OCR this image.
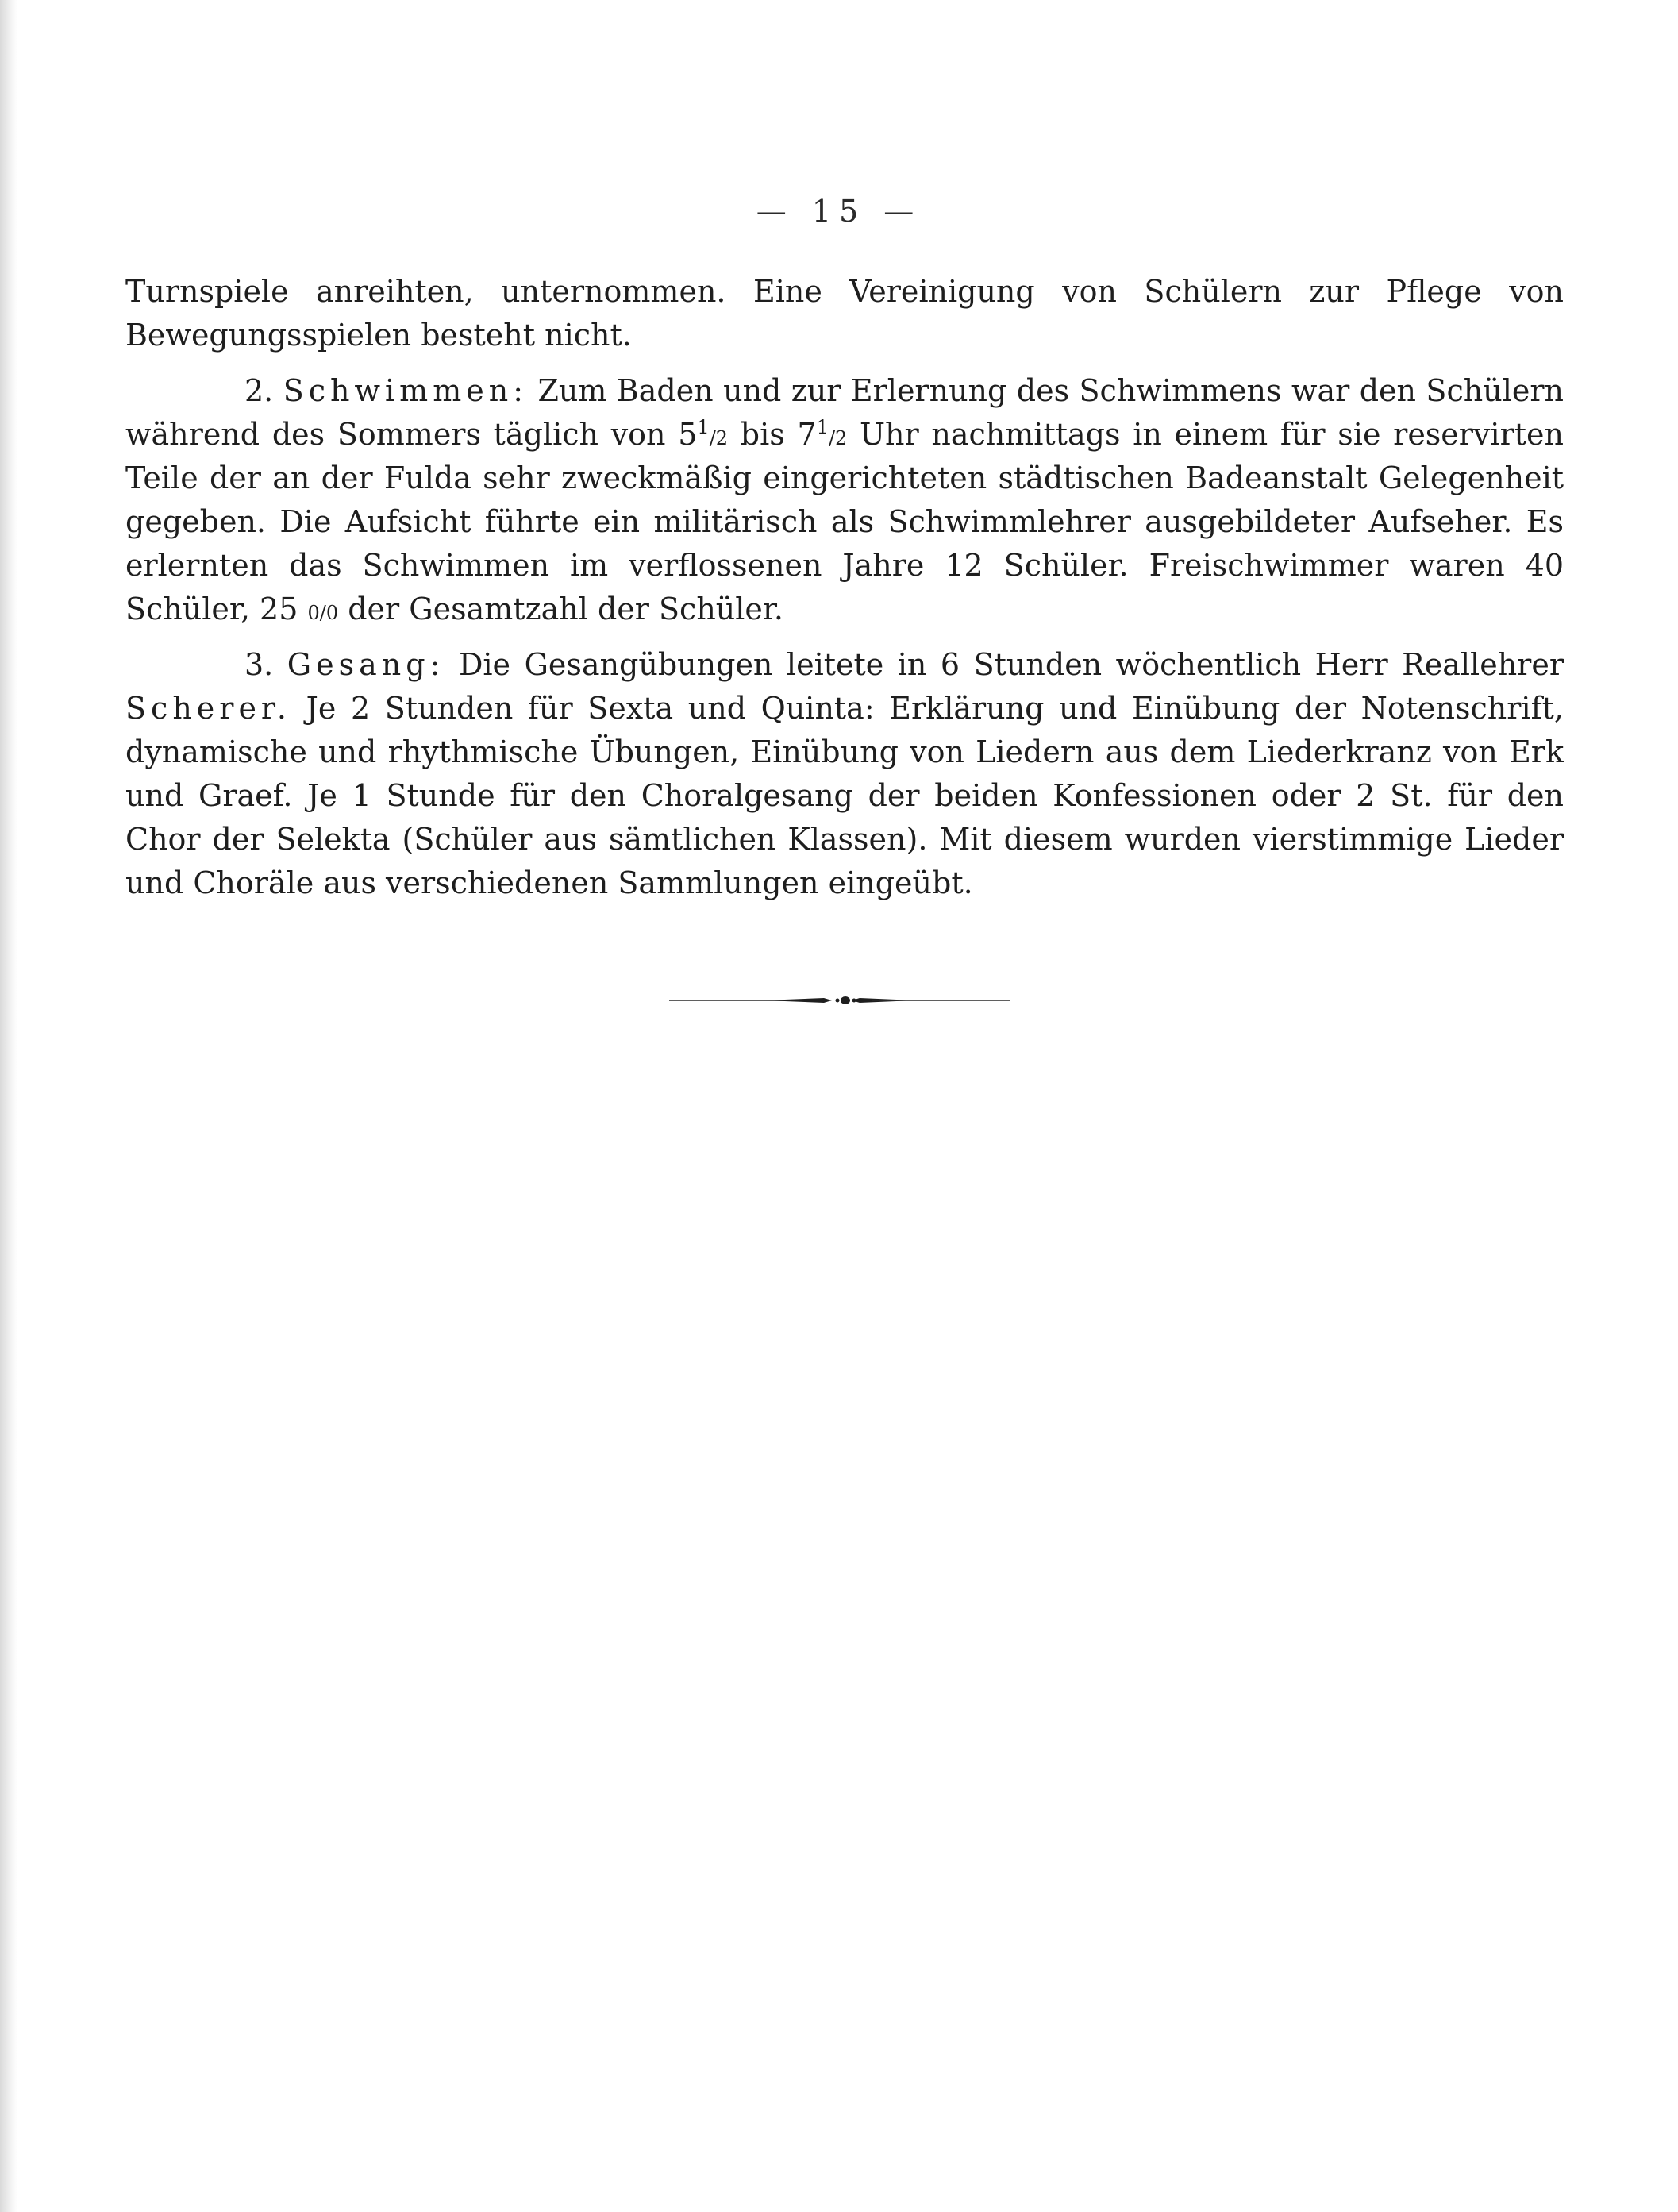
— 15 —

Turnspiele anreihten, unternommen. Eine Vereinigung von Schülern zur Pflege von Bewegungsspielen besteht nicht.

2. Schwimmen: Zum Baden und zur Erlernung des Schwimmens war den Schülern während des Sommers täglich von $5^1/2$ bis $7^1/2$ Uhr nachmittags in einem für sie reservirten Teile der an der Fulda sehr zweckmäßig eingerichteten städtischen Badeanstalt Gelegenheit gegeben. Die Aufsicht führte ein militärisch als Schwimmlehrer ausgebildeter Aufseher. Es erlernten das Schwimmen im verflossenen Jahre 12 Schüler. Freischwimmer waren 40 Schüler, 25 0/0 der Gesamtzahl der Schüler.

3. Gesang: Die Gesangübungen leitete in 6 Stunden wöchentlich Herr Reallehrer Scherer. Je 2 Stunden für Sexta und Quinta: Erklärung und Einübung der Notenschrift, dynamische und rhythmische Übungen, Einübung von Liedern aus dem Liederkranz von Erk und Graef. Je 1 Stunde für den Choralgesang der beiden Konfessionen oder 2 St. für den Chor der Selekta (Schüler aus sämtlichen Klassen). Mit diesem wurden vierstimmige Lieder und Choräle aus verschiedenen Sammlungen eingeübt.
